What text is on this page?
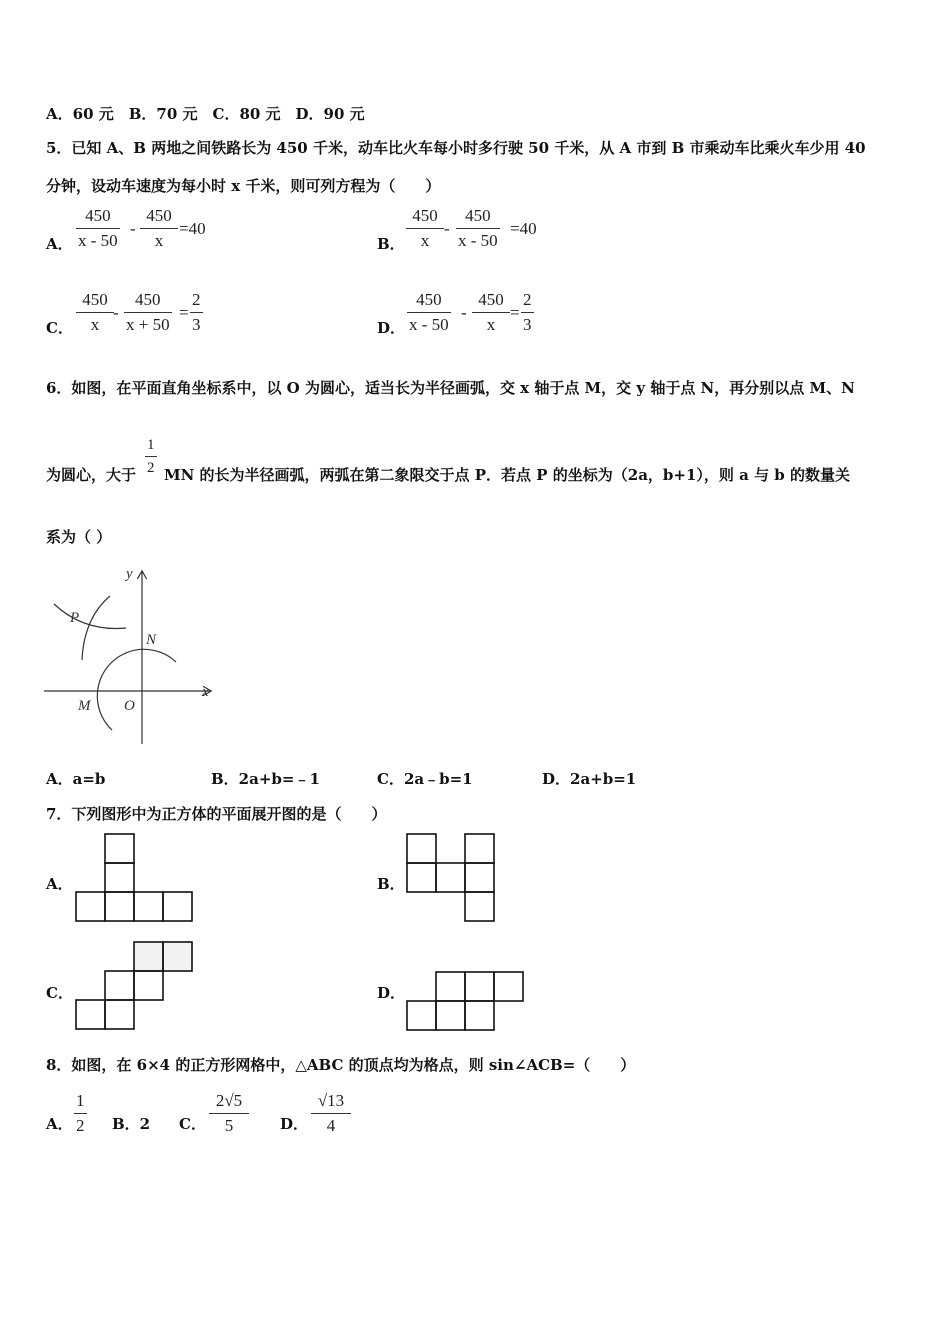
A．60 元　B．70 元　C．80 元　D．90 元
5．已知 A、B 两地之间铁路长为 450 千米，动车比火车每小时多行驶 50 千米，从 A 市到 B 市乘动车比乘火车少用 40
分钟，设动车速度为每小时 x 千米，则可列方程为（　　）
A． $\frac{450}{x - 50} - \frac{450}{x} =40$
B． $\frac{450}{x} - \frac{450}{x - 50} =40$
C． $\frac{450}{x} - \frac{450}{x + 50} = \frac{2}{3}$	D． $\frac{450}{x - 50} - \frac{450}{x} = \frac{2}{3}$
6．如图，在平面直角坐标系中，以 O 为圆心，适当长为半径画弧，交 x 轴于点 M，交 y 轴于点 N，再分别以点 M、N
为圆心，大于 $\frac{1}{2}$ MN 的长为半径画弧，两弧在第二象限交于点 P．若点 P 的坐标为（2a，b+1），则 a 与 b 的数量关
系为（ ）
y
x
P
N
M O
A．a=b	B．2a+b=﹣1	C．2a﹣b=1	D．2a+b=1
7．下列图形中为正方体的平面展开图的是（　　）
A．	B．
C．	D．
8．如图，在 6×4 的正方形网格中，△ABC 的顶点均为格点，则 sin∠ACB=（　　）
A． $\frac{1}{2}$ B．2 C． $\frac{2√5}{5}$ D． $\frac{√13}{4}$
